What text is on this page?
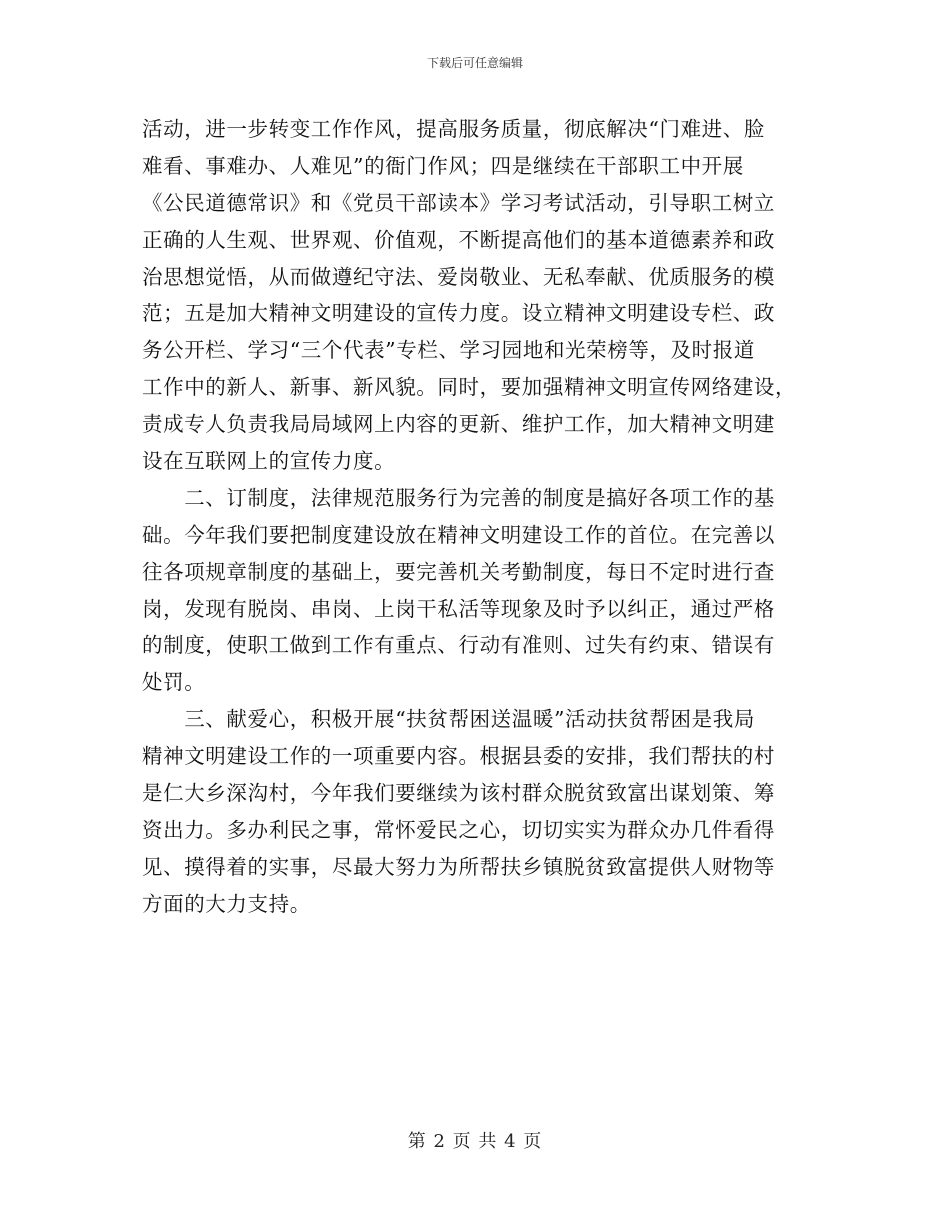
下载后可任意编辑
活动，进一步转变工作作风，提高服务质量，彻底解决“门难进、脸
难看、事难办、人难见”的衙门作风；四是继续在干部职工中开展
《公民道德常识》和《党员干部读本》学习考试活动，引导职工树立
正确的人生观、世界观、价值观，不断提高他们的基本道德素养和政
治思想觉悟，从而做遵纪守法、爱岗敬业、无私奉献、优质服务的模
范；五是加大精神文明建设的宣传力度。设立精神文明建设专栏、政
务公开栏、学习“三个代表”专栏、学习园地和光荣榜等，及时报道
工作中的新人、新事、新风貌。同时，要加强精神文明宣传网络建设，
责成专人负责我局局域网上内容的更新、维护工作，加大精神文明建
设在互联网上的宣传力度。
　　二、订制度，法律规范服务行为完善的制度是搞好各项工作的基
础。今年我们要把制度建设放在精神文明建设工作的首位。在完善以
往各项规章制度的基础上，要完善机关考勤制度，每日不定时进行查
岗，发现有脱岗、串岗、上岗干私活等现象及时予以纠正，通过严格
的制度，使职工做到工作有重点、行动有准则、过失有约束、错误有
处罚。
　　三、献爱心，积极开展“扶贫帮困送温暖”活动扶贫帮困是我局
精神文明建设工作的一项重要内容。根据县委的安排，我们帮扶的村
是仁大乡深沟村，今年我们要继续为该村群众脱贫致富出谋划策、筹
资出力。多办利民之事，常怀爱民之心，切切实实为群众办几件看得
见、摸得着的实事，尽最大努力为所帮扶乡镇脱贫致富提供人财物等
方面的大力支持。
第 2 页 共 4 页
